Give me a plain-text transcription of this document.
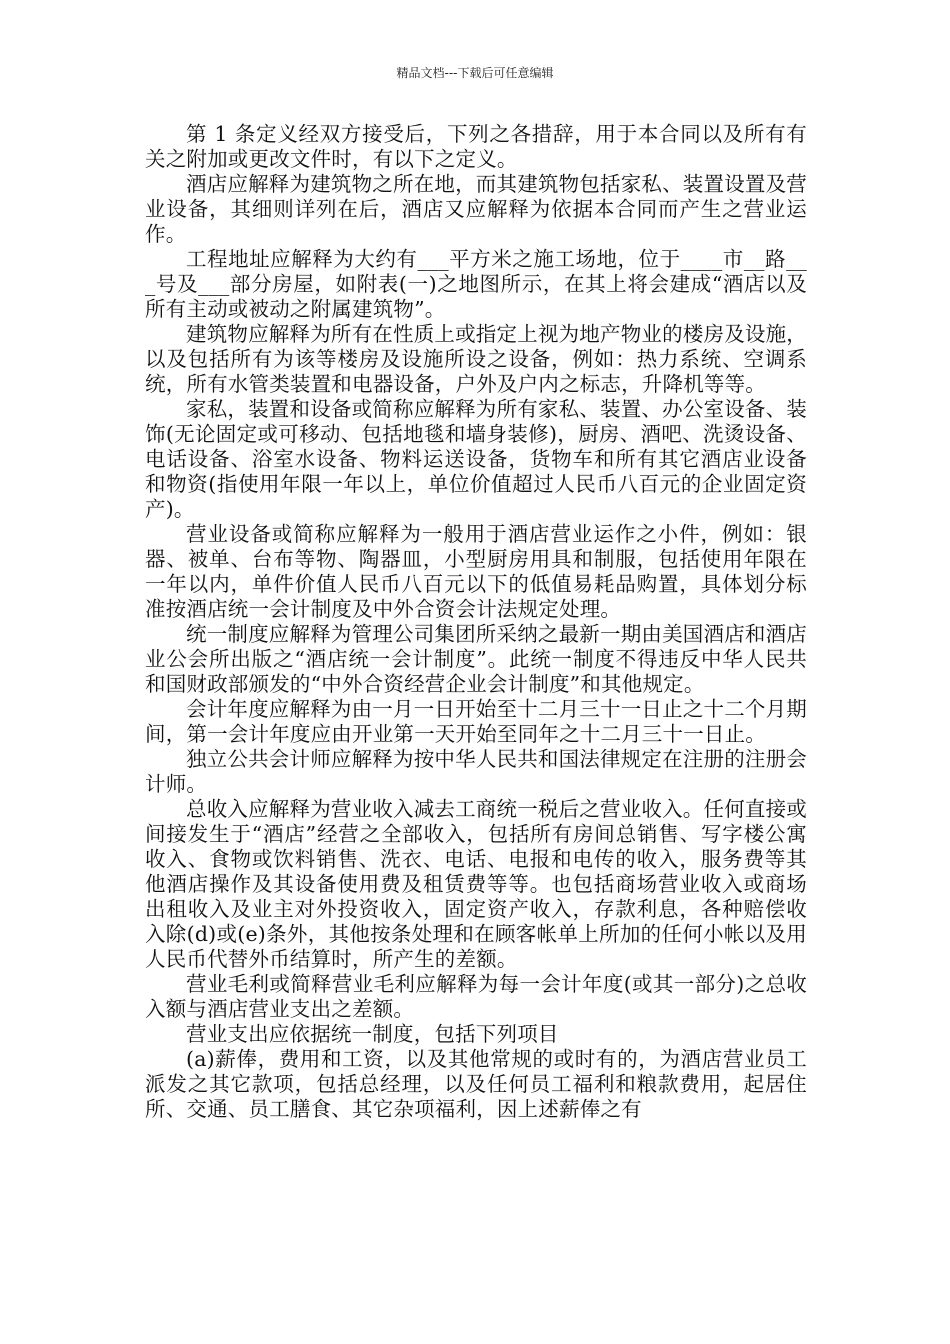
精品文档---下载后可任意编辑

第 1 条定义经双方接受后，下列之各措辞，用于本合同以及所有有关之附加或更改文件时，有以下之定义。

酒店应解释为建筑物之所在地，而其建筑物包括家私、装置设置及营业设备，其细则详列在后，酒店又应解释为依据本合同而产生之营业运作。

工程地址应解释为大约有___平方米之施工场地，位于____市__路___号及___部分房屋，如附表(一)之地图所示，在其上将会建成“酒店以及所有主动或被动之附属建筑物”。

建筑物应解释为所有在性质上或指定上视为地产物业的楼房及设施，以及包括所有为该等楼房及设施所设之设备，例如：热力系统、空调系统，所有水管类装置和电器设备，户外及户内之标志，升降机等等。

家私，装置和设备或简称应解释为所有家私、装置、办公室设备、装饰(无论固定或可移动、包括地毯和墙身装修)，厨房、酒吧、洗烫设备、电话设备、浴室水设备、物料运送设备，货物车和所有其它酒店业设备和物资(指使用年限一年以上，单位价值超过人民币八百元的企业固定资产)。

营业设备或简称应解释为一般用于酒店营业运作之小件，例如：银器、被单、台布等物、陶器皿，小型厨房用具和制服，包括使用年限在一年以内，单件价值人民币八百元以下的低值易耗品购置，具体划分标准按酒店统一会计制度及中外合资会计法规定处理。

统一制度应解释为管理公司集团所采纳之最新一期由美国酒店和酒店业公会所出版之“酒店统一会计制度”。此统一制度不得违反中华人民共和国财政部颁发的“中外合资经营企业会计制度”和其他规定。

会计年度应解释为由一月一日开始至十二月三十一日止之十二个月期间，第一会计年度应由开业第一天开始至同年之十二月三十一日止。

独立公共会计师应解释为按中华人民共和国法律规定在注册的注册会计师。

总收入应解释为营业收入减去工商统一税后之营业收入。任何直接或间接发生于“酒店”经营之全部收入，包括所有房间总销售、写字楼公寓收入、食物或饮料销售、洗衣、电话、电报和电传的收入，服务费等其他酒店操作及其设备使用费及租赁费等等。也包括商场营业收入或商场出租收入及业主对外投资收入，固定资产收入，存款利息，各种赔偿收入除(d)或(e)条外，其他按条处理和在顾客帐单上所加的任何小帐以及用人民币代替外币结算时，所产生的差额。

营业毛利或简释营业毛利应解释为每一会计年度(或其一部分)之总收入额与酒店营业支出之差额。

营业支出应依据统一制度，包括下列项目

(a)薪俸，费用和工资，以及其他常规的或时有的，为酒店营业员工派发之其它款项，包括总经理，以及任何员工福利和粮款费用，起居住所、交通、员工膳食、其它杂项福利，因上述薪俸之有
